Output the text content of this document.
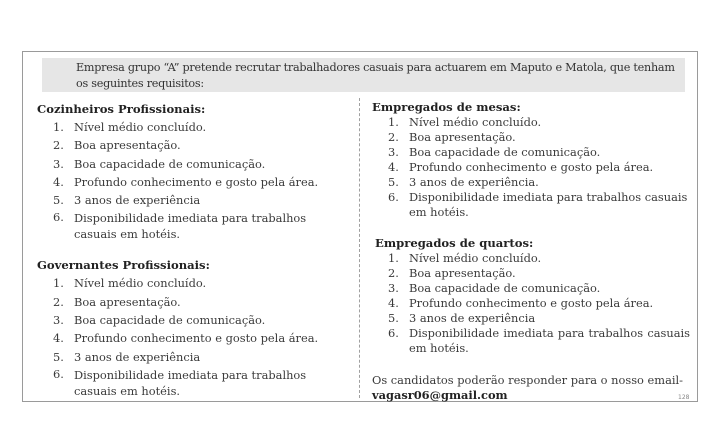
Empresa grupo “A” pretende recrutar trabalhadores casuais para actuarem em Maputo e Matola, que tenham os seguintes requisitos:
Cozinheiros Profissionais:
1. Nível médio concluído.
2. Boa apresentação.
3. Boa capacidade de comunicação.
4. Profundo conhecimento e gosto pela área.
5. 3 anos de experiência
6. Disponibilidade imediata para trabalhos casuais em hotéis.
Governantes Profissionais:
1. Nível médio concluído.
2. Boa apresentação.
3. Boa capacidade de comunicação.
4. Profundo conhecimento e gosto pela área.
5. 3 anos de experiência
6. Disponibilidade imediata para trabalhos casuais em hotéis.
Empregados de mesas:
1. Nível médio concluído.
2. Boa apresentação.
3. Boa capacidade de comunicação.
4. Profundo conhecimento e gosto pela área.
5. 3 anos de experiência.
6. Disponibilidade imediata para trabalhos casuais em hotéis.
Empregados de quartos:
1. Nível médio concluído.
2. Boa apresentação.
3. Boa capacidade de comunicação.
4. Profundo conhecimento e gosto pela área.
5. 3 anos de experiência
6. Disponibilidade imediata para trabalhos casuais em hotéis.
Os candidatos poderão responder para o nosso email-
vagasr06@gmail.com	128
